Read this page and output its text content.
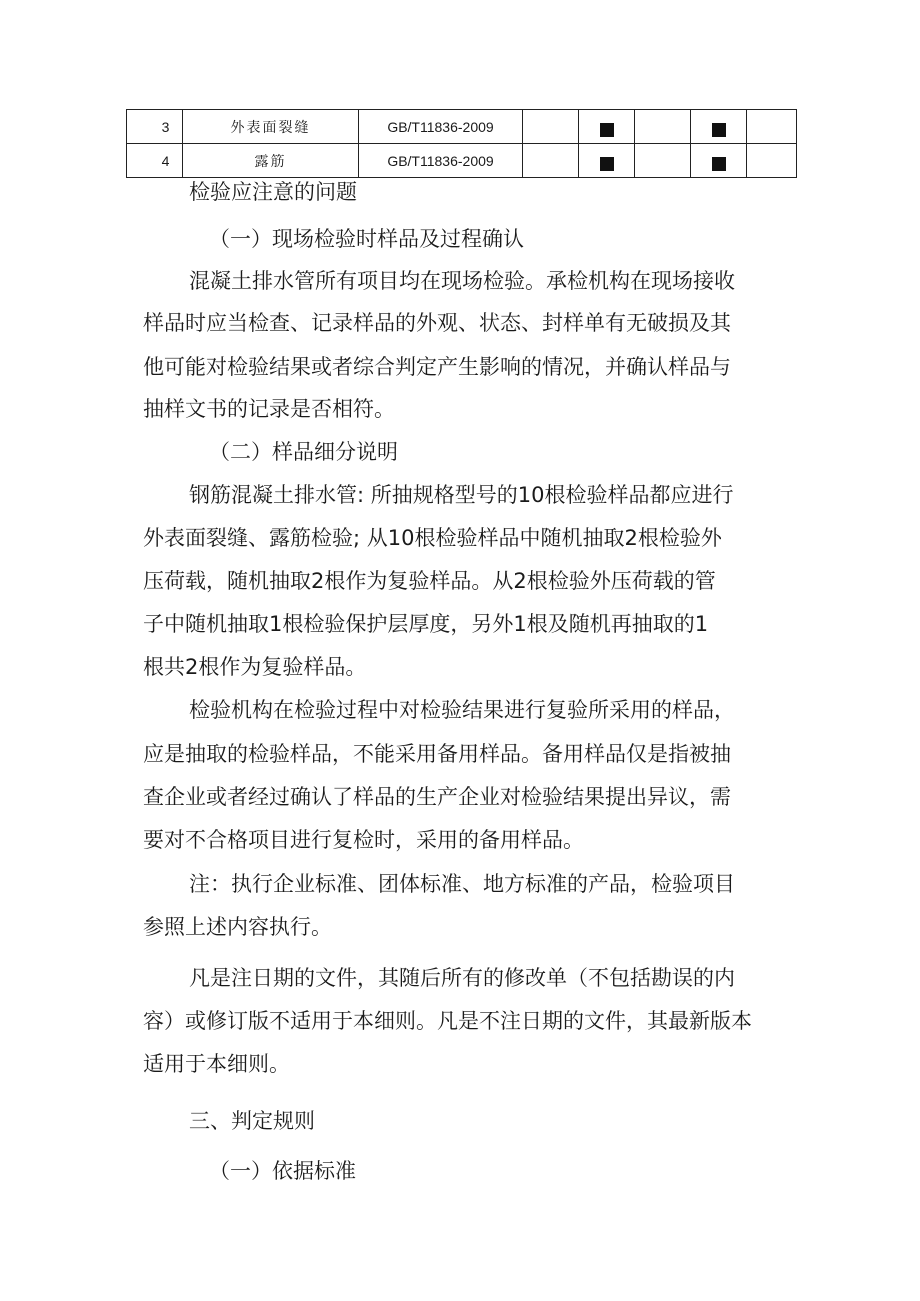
3	外表面裂缝	GB/T11836-2009					
4	露筋	GB/T11836-2009					
检验应注意的问题
（一）现场检验时样品及过程确认
混凝土排水管所有项目均在现场检验。承检机构在现场接收
样品时应当检查、记录样品的外观、状态、封样单有无破损及其
他可能对检验结果或者综合判定产生影响的情况，并确认样品与
抽样文书的记录是否相符。
（二）样品细分说明
钢筋混凝土排水管: 所抽规格型号的10根检验样品都应进行
外表面裂缝、露筋检验; 从10根检验样品中随机抽取2根检验外
压荷载，随机抽取2根作为复验样品。从2根检验外压荷载的管
子中随机抽取1根检验保护层厚度，另外1根及随机再抽取的1
根共2根作为复验样品。
检验机构在检验过程中对检验结果进行复验所采用的样品，
应是抽取的检验样品，不能采用备用样品。备用样品仅是指被抽
查企业或者经过确认了样品的生产企业对检验结果提出异议，需
要对不合格项目进行复检时，采用的备用样品。
注：执行企业标准、团体标准、地方标准的产品，检验项目
参照上述内容执行。
凡是注日期的文件，其随后所有的修改单（不包括勘误的内
容）或修订版不适用于本细则。凡是不注日期的文件，其最新版本
适用于本细则。
三、判定规则
（一）依据标准
